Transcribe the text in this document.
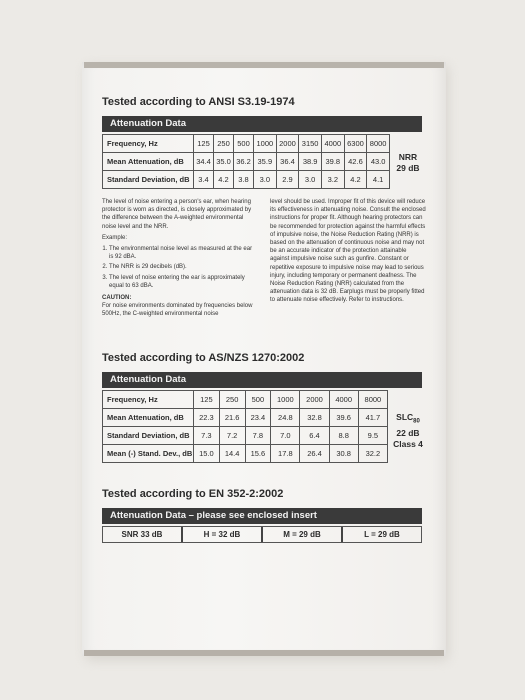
Tested according to ANSI S3.19-1974
Attenuation Data
Frequency, Hz	125	250	500	1000	2000	3150	4000	6300	8000
Mean Attenuation, dB	34.4	35.0	36.2	35.9	36.4	38.9	39.8	42.6	43.0
Standard Deviation, dB	3.4	4.2	3.8	3.0	2.9	3.0	3.2	4.2	4.1
NRR
29 dB

The level of noise entering a person's ear, when hearing protector is worn as directed, is closely approximated by the difference between the A-weighted environmental noise level and the NRR.

Example:

1. The environmental noise level as measured at the ear is 92 dBA.
2. The NRR is 29 decibels (dB).
3. The level of noise entering the ear is approximately equal to 63 dBA.

CAUTION:

For noise environments dominated by frequencies below 500Hz, the C-weighted environmental noise

level should be used. Improper fit of this device will reduce its effectiveness in attenuating noise. Consult the enclosed instructions for proper fit. Although hearing protectors can be recommended for protection against the harmful effects of impulsive noise, the Noise Reduction Rating (NRR) is based on the attenuation of continuous noise and may not be an accurate indicator of the protection attainable against impulsive noise such as gunfire. Constant or repetitive exposure to impulsive noise may lead to serious injury, including temporary or permanent deafness. The Noise Reduction Rating (NRR) calculated from the attenuation data is 32 dB. Earplugs must be properly fitted to attenuate noise effectively. Refer to instructions.

Tested according to AS/NZS 1270:2002
Attenuation Data
Frequency, Hz	125	250	500	1000	2000	4000	8000
Mean Attenuation, dB	22.3	21.6	23.4	24.8	32.8	39.6	41.7
Standard Deviation, dB	7.3	7.2	7.8	7.0	6.4	8.8	9.5
Mean (-) Stand. Dev., dB	15.0	14.4	15.6	17.8	26.4	30.8	32.2
$SLC_{80}$
22 dB
Class 4
Tested according to EN 352-2:2002
Attenuation Data – please see enclosed insert
SNR 33 dB	H = 32 dB	M = 29 dB	L = 29 dB
